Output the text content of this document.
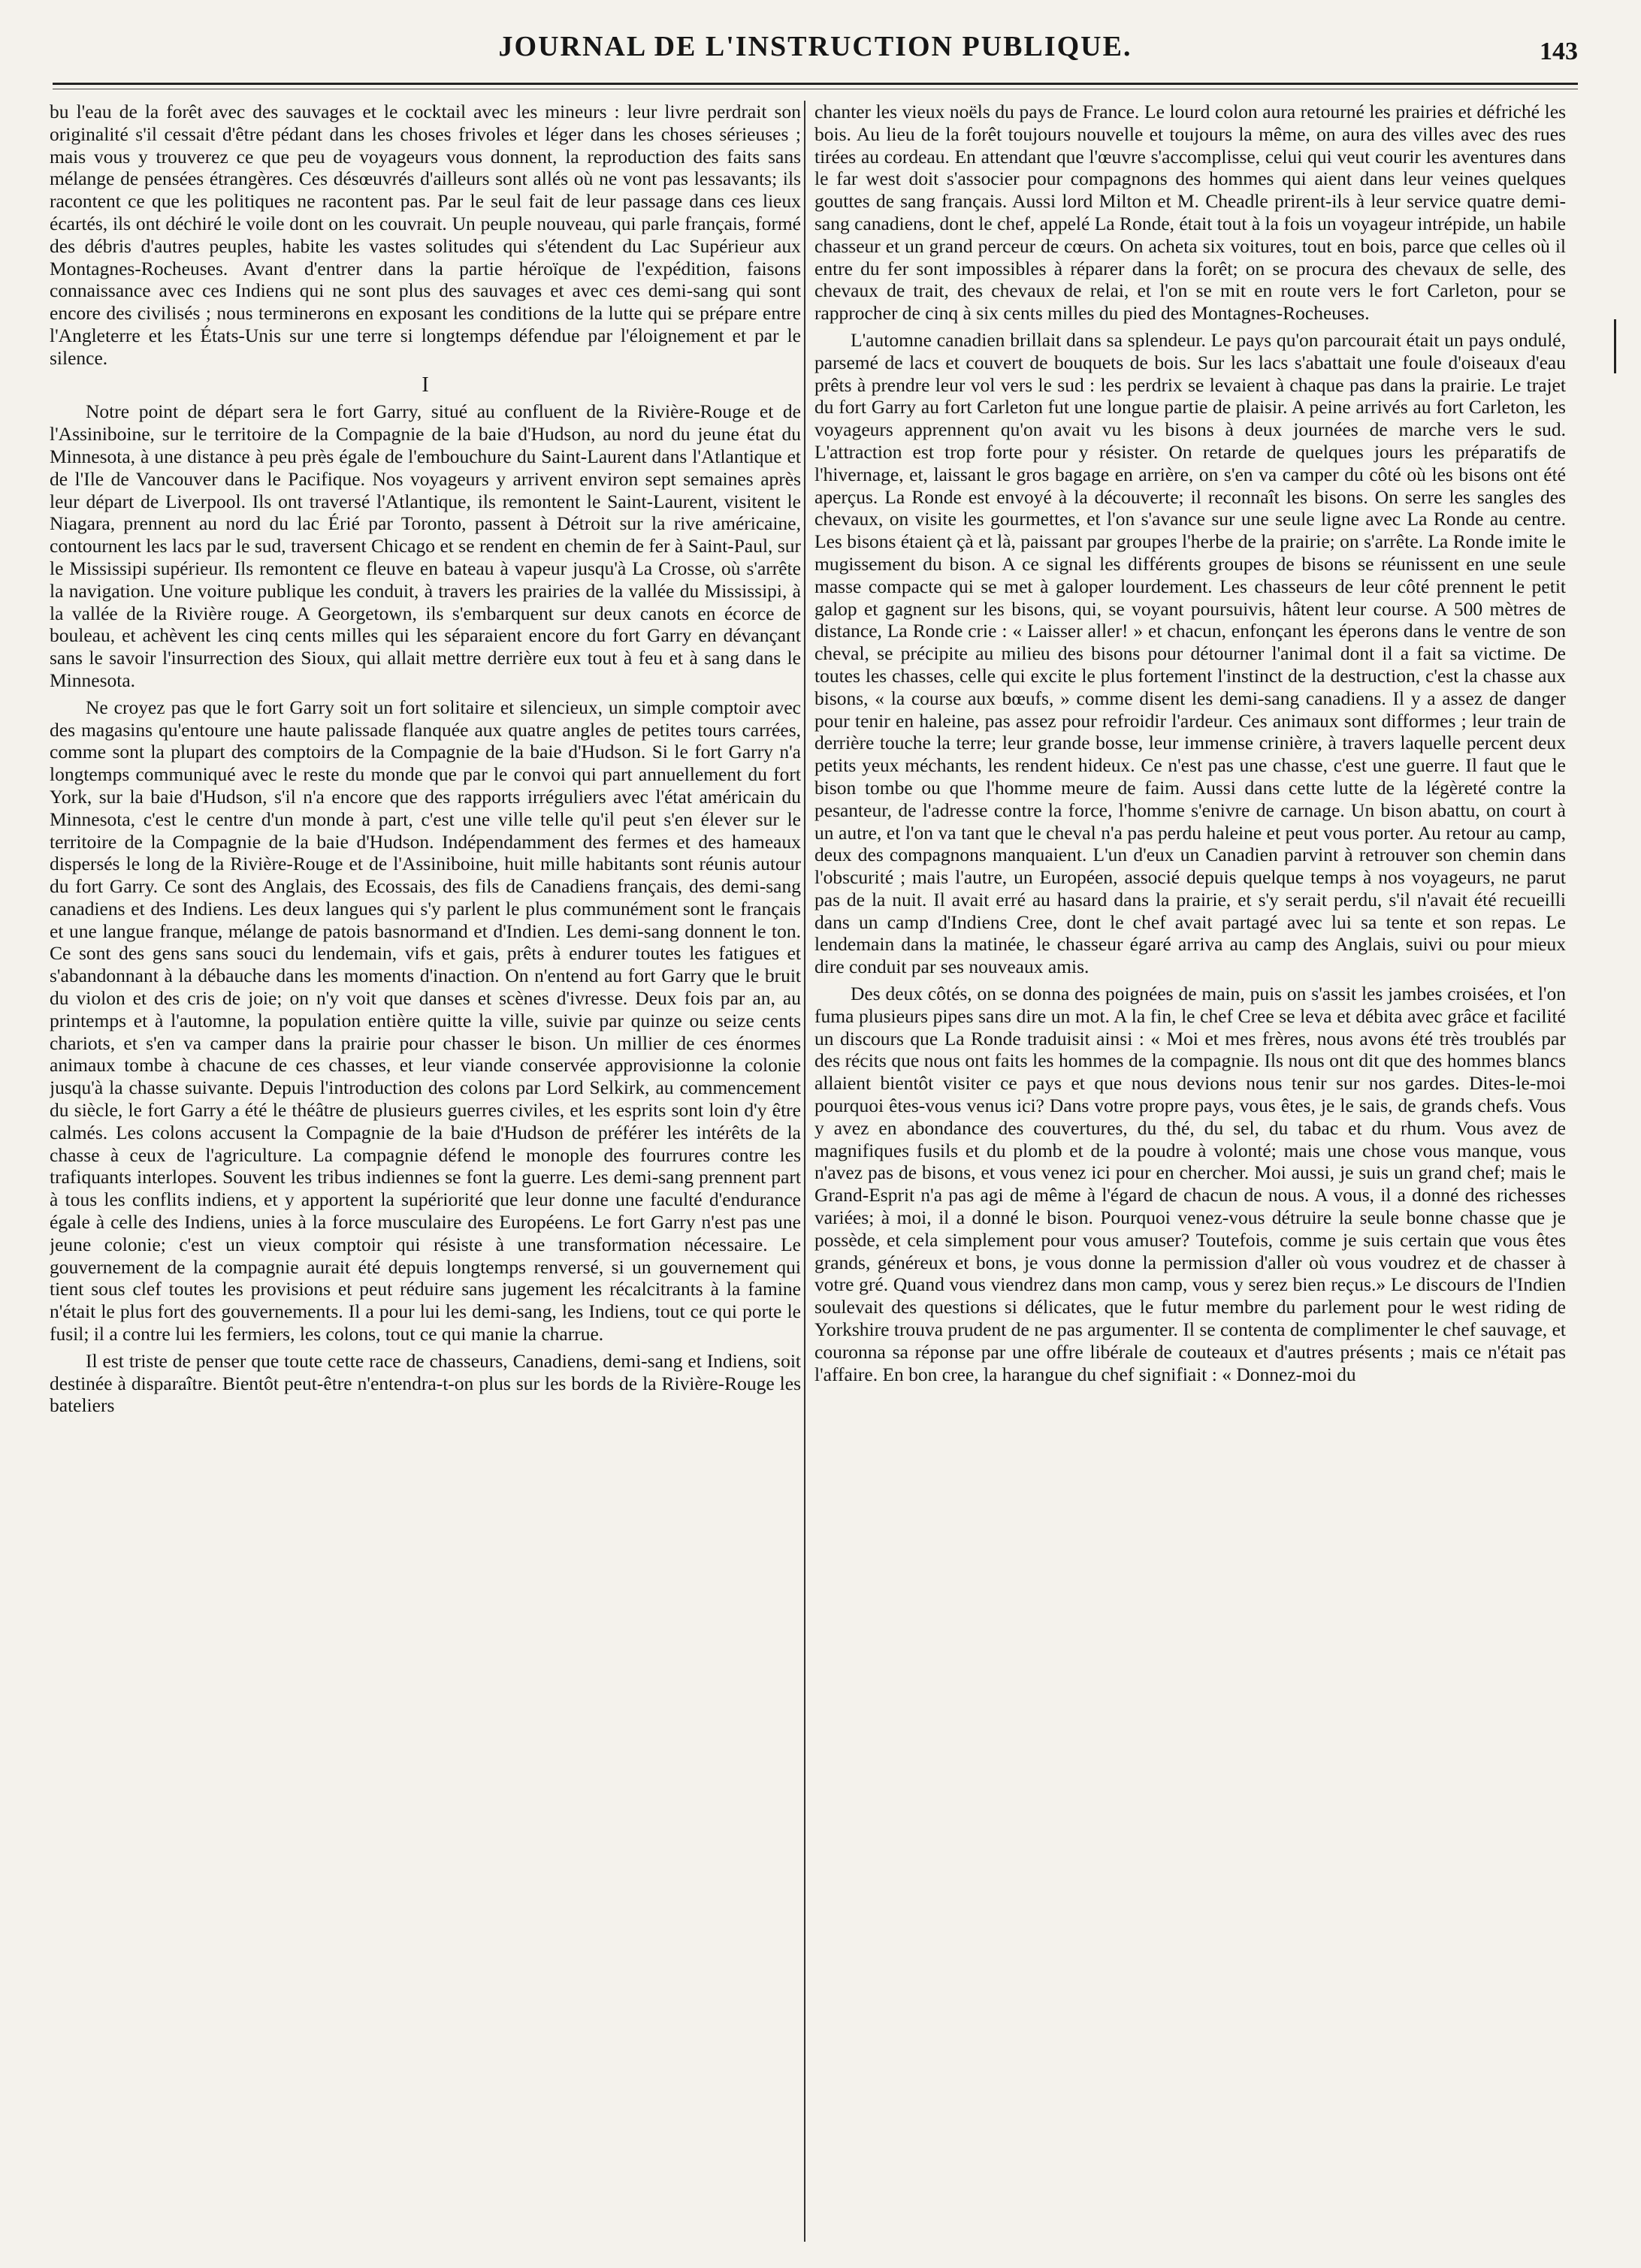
JOURNAL DE L'INSTRUCTION PUBLIQUE.	143

bu l'eau de la forêt avec des sauvages et le cocktail avec les mineurs : leur livre perdrait son originalité s'il cessait d'être pédant dans les choses frivoles et léger dans les choses sérieuses ; mais vous y trouverez ce que peu de voyageurs vous donnent, la reproduction des faits sans mélange de pensées étrangères. Ces désœuvrés d'ailleurs sont allés où ne vont pas lessavants; ils racontent ce que les politiques ne racontent pas. Par le seul fait de leur passage dans ces lieux écartés, ils ont déchiré le voile dont on les couvrait. Un peuple nouveau, qui parle français, formé des débris d'autres peuples, habite les vastes solitudes qui s'étendent du Lac Supérieur aux Montagnes-Rocheuses. Avant d'entrer dans la partie héroïque de l'expédition, faisons connaissance avec ces Indiens qui ne sont plus des sauvages et avec ces demi-sang qui sont encore des civilisés ; nous terminerons en exposant les conditions de la lutte qui se prépare entre l'Angleterre et les États-Unis sur une terre si longtemps défendue par l'éloignement et par le silence.

I

Notre point de départ sera le fort Garry, situé au confluent de la Rivière-Rouge et de l'Assiniboine, sur le territoire de la Compagnie de la baie d'Hudson, au nord du jeune état du Minnesota, à une distance à peu près égale de l'embouchure du Saint-Laurent dans l'Atlantique et de l'Ile de Vancouver dans le Pacifique. Nos voyageurs y arrivent environ sept semaines après leur départ de Liverpool. Ils ont traversé l'Atlantique, ils remontent le Saint-Laurent, visitent le Niagara, prennent au nord du lac Érié par Toronto, passent à Détroit sur la rive américaine, contournent les lacs par le sud, traversent Chicago et se rendent en chemin de fer à Saint-Paul, sur le Mississipi supérieur. Ils remontent ce fleuve en bateau à vapeur jusqu'à La Crosse, où s'arrête la navigation. Une voiture publique les conduit, à travers les prairies de la vallée du Mississipi, à la vallée de la Rivière rouge. A Georgetown, ils s'embarquent sur deux canots en écorce de bouleau, et achèvent les cinq cents milles qui les séparaient encore du fort Garry en dévançant sans le savoir l'insurrection des Sioux, qui allait mettre derrière eux tout à feu et à sang dans le Minnesota.

Ne croyez pas que le fort Garry soit un fort solitaire et silencieux, un simple comptoir avec des magasins qu'entoure une haute palissade flanquée aux quatre angles de petites tours carrées, comme sont la plupart des comptoirs de la Compagnie de la baie d'Hudson. Si le fort Garry n'a longtemps communiqué avec le reste du monde que par le convoi qui part annuellement du fort York, sur la baie d'Hudson, s'il n'a encore que des rapports irréguliers avec l'état américain du Minnesota, c'est le centre d'un monde à part, c'est une ville telle qu'il peut s'en élever sur le territoire de la Compagnie de la baie d'Hudson. Indépendamment des fermes et des hameaux dispersés le long de la Rivière-Rouge et de l'Assiniboine, huit mille habitants sont réunis autour du fort Garry. Ce sont des Anglais, des Ecossais, des fils de Canadiens français, des demi-sang canadiens et des Indiens. Les deux langues qui s'y parlent le plus communément sont le français et une langue franque, mélange de patois basnormand et d'Indien. Les demi-sang donnent le ton. Ce sont des gens sans souci du lendemain, vifs et gais, prêts à endurer toutes les fatigues et s'abandonnant à la débauche dans les moments d'inaction. On n'entend au fort Garry que le bruit du violon et des cris de joie; on n'y voit que danses et scènes d'ivresse. Deux fois par an, au printemps et à l'automne, la population entière quitte la ville, suivie par quinze ou seize cents chariots, et s'en va camper dans la prairie pour chasser le bison. Un millier de ces énormes animaux tombe à chacune de ces chasses, et leur viande conservée approvisionne la colonie jusqu'à la chasse suivante. Depuis l'introduction des colons par Lord Selkirk, au commencement du siècle, le fort Garry a été le théâtre de plusieurs guerres civiles, et les esprits sont loin d'y être calmés. Les colons accusent la Compagnie de la baie d'Hudson de préférer les intérêts de la chasse à ceux de l'agriculture. La compagnie défend le monople des fourrures contre les trafiquants interlopes. Souvent les tribus indiennes se font la guerre. Les demi-sang prennent part à tous les conflits indiens, et y apportent la supériorité que leur donne une faculté d'endurance égale à celle des Indiens, unies à la force musculaire des Européens. Le fort Garry n'est pas une jeune colonie; c'est un vieux comptoir qui résiste à une transformation nécessaire. Le gouvernement de la compagnie aurait été depuis longtemps renversé, si un gouvernement qui tient sous clef toutes les provisions et peut réduire sans jugement les récalcitrants à la famine n'était le plus fort des gouvernements. Il a pour lui les demi-sang, les Indiens, tout ce qui porte le fusil; il a contre lui les fermiers, les colons, tout ce qui manie la charrue.

Il est triste de penser que toute cette race de chasseurs, Canadiens, demi-sang et Indiens, soit destinée à disparaître. Bientôt peut-être n'entendra-t-on plus sur les bords de la Rivière-Rouge les bateliers

chanter les vieux noëls du pays de France. Le lourd colon aura retourné les prairies et défriché les bois. Au lieu de la forêt toujours nouvelle et toujours la même, on aura des villes avec des rues tirées au cordeau. En attendant que l'œuvre s'accomplisse, celui qui veut courir les aventures dans le far west doit s'associer pour compagnons des hommes qui aient dans leur veines quelques gouttes de sang français. Aussi lord Milton et M. Cheadle prirent-ils à leur service quatre demi-sang canadiens, dont le chef, appelé La Ronde, était tout à la fois un voyageur intrépide, un habile chasseur et un grand perceur de cœurs. On acheta six voitures, tout en bois, parce que celles où il entre du fer sont impossibles à réparer dans la forêt; on se procura des chevaux de selle, des chevaux de trait, des chevaux de relai, et l'on se mit en route vers le fort Carleton, pour se rapprocher de cinq à six cents milles du pied des Montagnes-Rocheuses.

L'automne canadien brillait dans sa splendeur. Le pays qu'on parcourait était un pays ondulé, parsemé de lacs et couvert de bouquets de bois. Sur les lacs s'abattait une foule d'oiseaux d'eau prêts à prendre leur vol vers le sud : les perdrix se levaient à chaque pas dans la prairie. Le trajet du fort Garry au fort Carleton fut une longue partie de plaisir. A peine arrivés au fort Carleton, les voyageurs apprennent qu'on avait vu les bisons à deux journées de marche vers le sud. L'attraction est trop forte pour y résister. On retarde de quelques jours les préparatifs de l'hivernage, et, laissant le gros bagage en arrière, on s'en va camper du côté où les bisons ont été aperçus. La Ronde est envoyé à la découverte; il reconnaît les bisons. On serre les sangles des chevaux, on visite les gourmettes, et l'on s'avance sur une seule ligne avec La Ronde au centre. Les bisons étaient çà et là, paissant par groupes l'herbe de la prairie; on s'arrête. La Ronde imite le mugissement du bison. A ce signal les différents groupes de bisons se réunissent en une seule masse compacte qui se met à galoper lourdement. Les chasseurs de leur côté prennent le petit galop et gagnent sur les bisons, qui, se voyant poursuivis, hâtent leur course. A 500 mètres de distance, La Ronde crie : « Laisser aller! » et chacun, enfonçant les éperons dans le ventre de son cheval, se précipite au milieu des bisons pour détourner l'animal dont il a fait sa victime. De toutes les chasses, celle qui excite le plus fortement l'instinct de la destruction, c'est la chasse aux bisons, « la course aux bœufs, » comme disent les demi-sang canadiens. Il y a assez de danger pour tenir en haleine, pas assez pour refroidir l'ardeur. Ces animaux sont difformes ; leur train de derrière touche la terre; leur grande bosse, leur immense crinière, à travers laquelle percent deux petits yeux méchants, les rendent hideux. Ce n'est pas une chasse, c'est une guerre. Il faut que le bison tombe ou que l'homme meure de faim. Aussi dans cette lutte de la légèreté contre la pesanteur, de l'adresse contre la force, l'homme s'enivre de carnage. Un bison abattu, on court à un autre, et l'on va tant que le cheval n'a pas perdu haleine et peut vous porter. Au retour au camp, deux des compagnons manquaient. L'un d'eux un Canadien parvint à retrouver son chemin dans l'obscurité ; mais l'autre, un Européen, associé depuis quelque temps à nos voyageurs, ne parut pas de la nuit. Il avait erré au hasard dans la prairie, et s'y serait perdu, s'il n'avait été recueilli dans un camp d'Indiens Cree, dont le chef avait partagé avec lui sa tente et son repas. Le lendemain dans la matinée, le chasseur égaré arriva au camp des Anglais, suivi ou pour mieux dire conduit par ses nouveaux amis.

Des deux côtés, on se donna des poignées de main, puis on s'assit les jambes croisées, et l'on fuma plusieurs pipes sans dire un mot. A la fin, le chef Cree se leva et débita avec grâce et facilité un discours que La Ronde traduisit ainsi : « Moi et mes frères, nous avons été très troublés par des récits que nous ont faits les hommes de la compagnie. Ils nous ont dit que des hommes blancs allaient bientôt visiter ce pays et que nous devions nous tenir sur nos gardes. Dites-le-moi pourquoi êtes-vous venus ici? Dans votre propre pays, vous êtes, je le sais, de grands chefs. Vous y avez en abondance des couvertures, du thé, du sel, du tabac et du rhum. Vous avez de magnifiques fusils et du plomb et de la poudre à volonté; mais une chose vous manque, vous n'avez pas de bisons, et vous venez ici pour en chercher. Moi aussi, je suis un grand chef; mais le Grand-Esprit n'a pas agi de même à l'égard de chacun de nous. A vous, il a donné des richesses variées; à moi, il a donné le bison. Pourquoi venez-vous détruire la seule bonne chasse que je possède, et cela simplement pour vous amuser? Toutefois, comme je suis certain que vous êtes grands, généreux et bons, je vous donne la permission d'aller où vous voudrez et de chasser à votre gré. Quand vous viendrez dans mon camp, vous y serez bien reçus.» Le discours de l'Indien soulevait des questions si délicates, que le futur membre du parlement pour le west riding de Yorkshire trouva prudent de ne pas argumenter. Il se contenta de complimenter le chef sauvage, et couronna sa réponse par une offre libérale de couteaux et d'autres présents ; mais ce n'était pas l'affaire. En bon cree, la harangue du chef signifiait : « Donnez-moi du
